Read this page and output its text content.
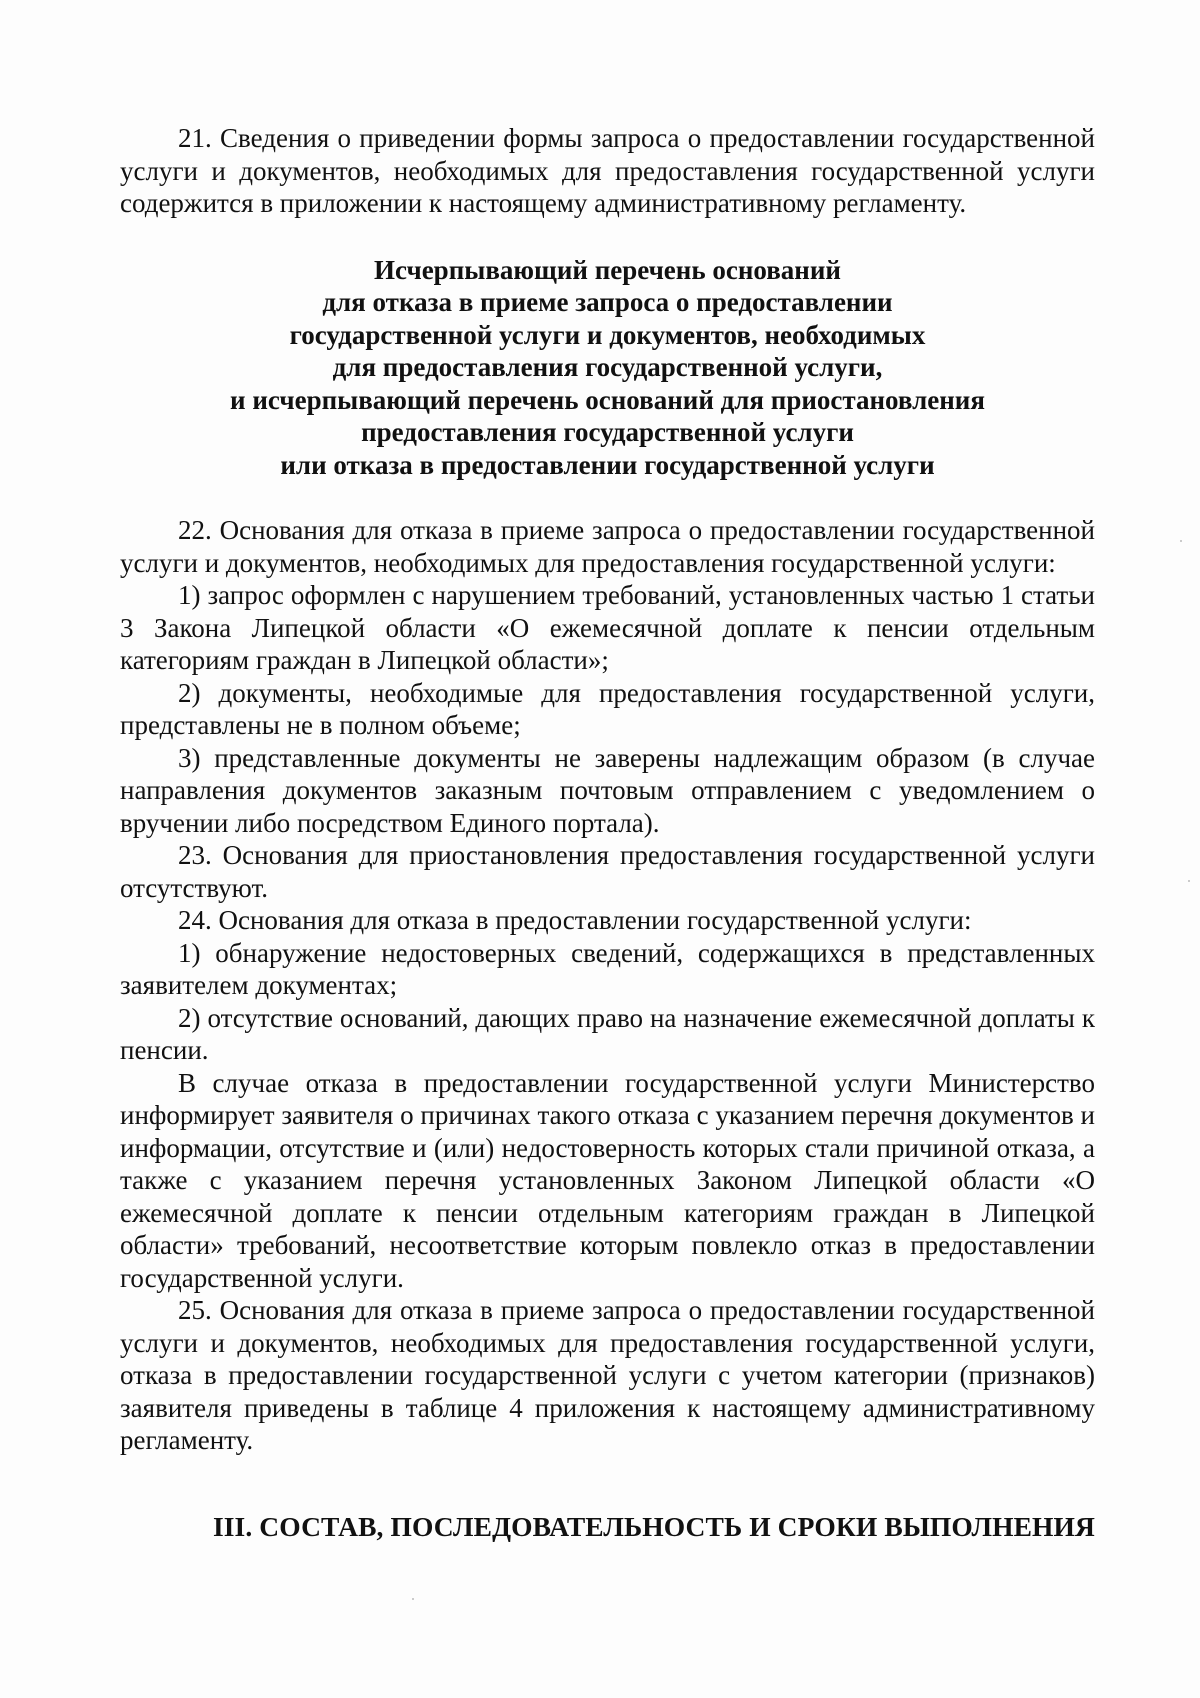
21. Сведения о приведении формы запроса о предоставлении государственной услуги и документов, необходимых для предоставления государственной услуги содержится в приложении к настоящему административному регламенту.

Исчерпывающий перечень оснований
для отказа в приеме запроса о предоставлении
государственной услуги и документов, необходимых
для предоставления государственной услуги,
и исчерпывающий перечень оснований для приостановления
предоставления государственной услуги
или отказа в предоставлении государственной услуги

22. Основания для отказа в приеме запроса о предоставлении государственной услуги и документов, необходимых для предоставления государственной услуги:

1) запрос оформлен с нарушением требований, установленных частью 1 статьи 3 Закона Липецкой области «О ежемесячной доплате к пенсии отдельным категориям граждан в Липецкой области»;

2) документы, необходимые для предоставления государственной услуги, представлены не в полном объеме;

3) представленные документы не заверены надлежащим образом (в случае направления документов заказным почтовым отправлением с уведомлением о вручении либо посредством Единого портала).

23. Основания для приостановления предоставления государственной услуги отсутствуют.

24. Основания для отказа в предоставлении государственной услуги:

1) обнаружение недостоверных сведений, содержащихся в представленных заявителем документах;

2) отсутствие оснований, дающих право на назначение ежемесячной доплаты к пенсии.

В случае отказа в предоставлении государственной услуги Министерство информирует заявителя о причинах такого отказа с указанием перечня документов и информации, отсутствие и (или) недостоверность которых стали причиной отказа, а также с указанием перечня установленных Законом Липецкой области «О ежемесячной доплате к пенсии отдельным категориям граждан в Липецкой области» требований, несоответствие которым повлекло отказ в предоставлении государственной услуги.

25. Основания для отказа в приеме запроса о предоставлении государственной услуги и документов, необходимых для предоставления государственной услуги, отказа в предоставлении государственной услуги с учетом категории (признаков) заявителя приведены в таблице 4 приложения к настоящему административному регламенту.

III. СОСТАВ, ПОСЛЕДОВАТЕЛЬНОСТЬ И СРОКИ ВЫПОЛНЕНИЯ
